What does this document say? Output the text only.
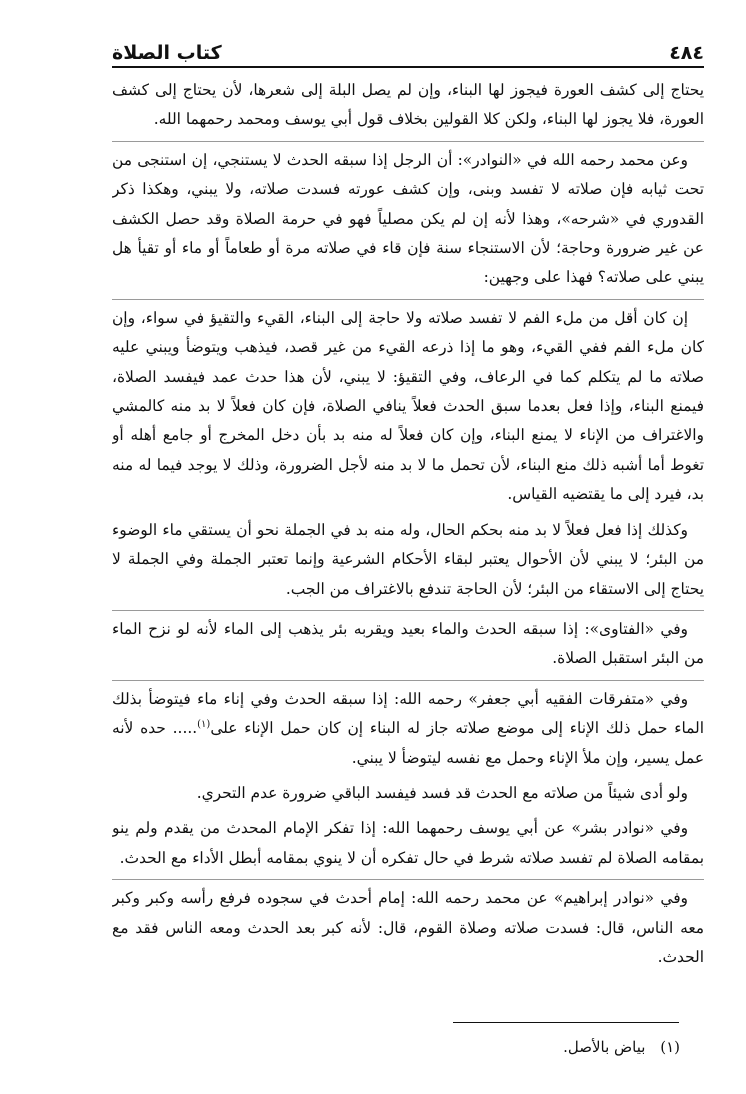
٤٨٤
كتاب الصلاة

يحتاج إلى كشف العورة فيجوز لها البناء، وإن لم يصل البلة إلى شعرها، لأن يحتاج إلى كشف العورة، فلا يجوز لها البناء، ولكن كلا القولين بخلاف قول أبي يوسف ومحمد رحمهما الله.

وعن محمد رحمه الله في «النوادر»: أن الرجل إذا سبقه الحدث لا يستنجي، إن استنجى من تحت ثيابه فإن صلاته لا تفسد وبنى، وإن كشف عورته فسدت صلاته، ولا يبني، وهكذا ذكر القدوري في «شرحه»، وهذا لأنه إن لم يكن مصلياً فهو في حرمة الصلاة وقد حصل الكشف عن غير ضرورة وحاجة؛ لأن الاستنجاء سنة فإن قاء في صلاته مرة أو طعاماً أو ماء أو تقيأ هل يبني على صلاته؟ فهذا على وجهين:

إن كان أقل من ملء الفم لا تفسد صلاته ولا حاجة إلى البناء، القيء والتقيؤ في سواء، وإن كان ملء الفم ففي القيء، وهو ما إذا ذرعه القيء من غير قصد، فيذهب ويتوضأ ويبني عليه صلاته ما لم يتكلم كما في الرعاف، وفي التقيؤ: لا يبني، لأن هذا حدث عمد فيفسد الصلاة، فيمنع البناء، وإذا فعل بعدما سبق الحدث فعلاً ينافي الصلاة، فإن كان فعلاً لا بد منه كالمشي والاغتراف من الإناء لا يمنع البناء، وإن كان فعلاً له منه بد بأن دخل المخرج أو جامع أهله أو تغوط أما أشبه ذلك منع البناء، لأن تحمل ما لا بد منه لأجل الضرورة، وذلك لا يوجد فيما له منه بد، فيرد إلى ما يقتضيه القياس.

وكذلك إذا فعل فعلاً لا بد منه بحكم الحال، وله منه بد في الجملة نحو أن يستقي ماء الوضوء من البئر؛ لا يبني لأن الأحوال يعتبر لبقاء الأحكام الشرعية وإنما تعتبر الجملة وفي الجملة لا يحتاج إلى الاستقاء من البئر؛ لأن الحاجة تندفع بالاغتراف من الجب.

وفي «الفتاوى»: إذا سبقه الحدث والماء بعيد ويقربه بئر يذهب إلى الماء لأنه لو نزح الماء من البئر استقبل الصلاة.

وفي «متفرقات الفقيه أبي جعفر» رحمه الله: إذا سبقه الحدث وفي إناء ماء فيتوضأ بذلك الماء حمل ذلك الإناء إلى موضع صلاته جاز له البناء إن كان حمل الإناء على$^{(١)}$..... حده لأنه عمل يسير، وإن ملأ الإناء وحمل مع نفسه ليتوضأ لا يبني.

ولو أدى شيئاً من صلاته مع الحدث قد فسد فيفسد الباقي ضرورة عدم التحري.

وفي «نوادر بشر» عن أبي يوسف رحمهما الله: إذا تفكر الإمام المحدث من يقدم ولم ينو بمقامه الصلاة لم تفسد صلاته شرط في حال تفكره أن لا ينوي بمقامه أبطل الأداء مع الحدث.

وفي «نوادر إبراهيم» عن محمد رحمه الله: إمام أحدث في سجوده فرفع رأسه وكبر وكبر معه الناس، قال: فسدت صلاته وصلاة القوم، قال: لأنه كبر بعد الحدث ومعه الناس فقد مع الحدث.

(١) بياض بالأصل.
